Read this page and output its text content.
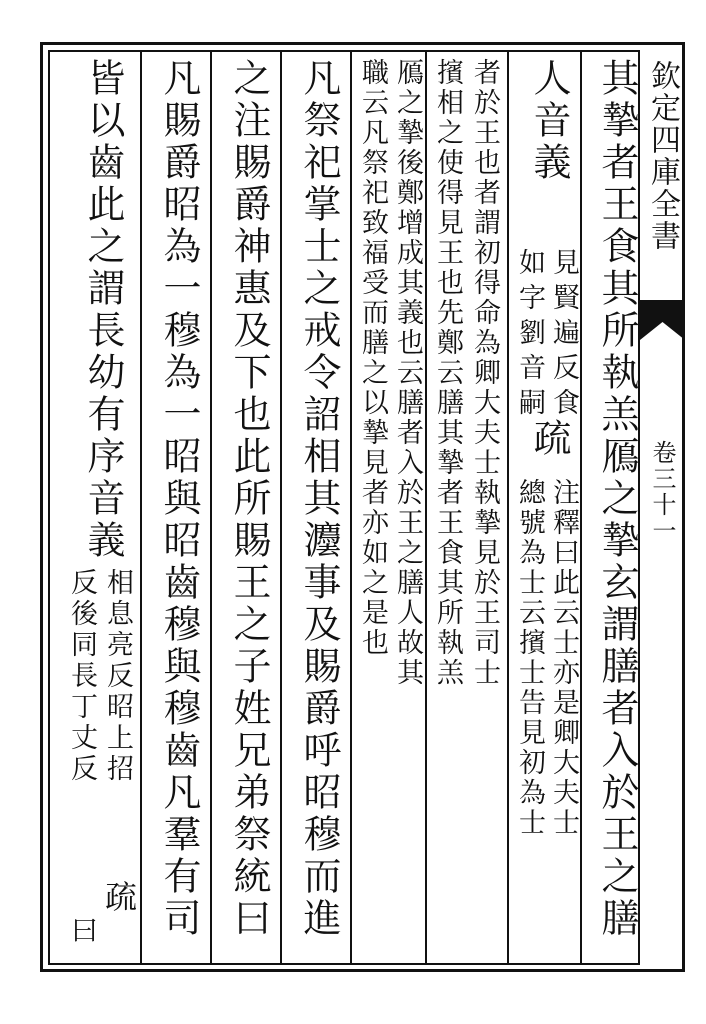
欽定四庫全書
卷三十一
其摯者王食其所執羔鴈之摯玄謂膳者入於王之膳
人音義
見賢遍反食
如字劉音嗣
疏
注釋曰此云士亦是卿大夫士
總號為士云擯士告見初為士
者於王也者謂初得命為卿大夫士執摯見於王司士
擯相之使得見王也先鄭云膳其摯者王食其所執羔
鴈之摯後鄭增成其義也云膳者入於王之膳人故其
職云凡祭祀致福受而膳之以摯見者亦如之是也
凡祭祀掌士之戒令詔相其灋事及賜爵呼昭穆而進
之注賜爵神惠及下也此所賜王之子姓兄弟祭統曰
凡賜爵昭為一穆為一昭與昭齒穆與穆齒凡羣有司
皆以齒此之謂長幼有序音義
相息亮反昭上招
反後同長丁丈反
疏
曰
